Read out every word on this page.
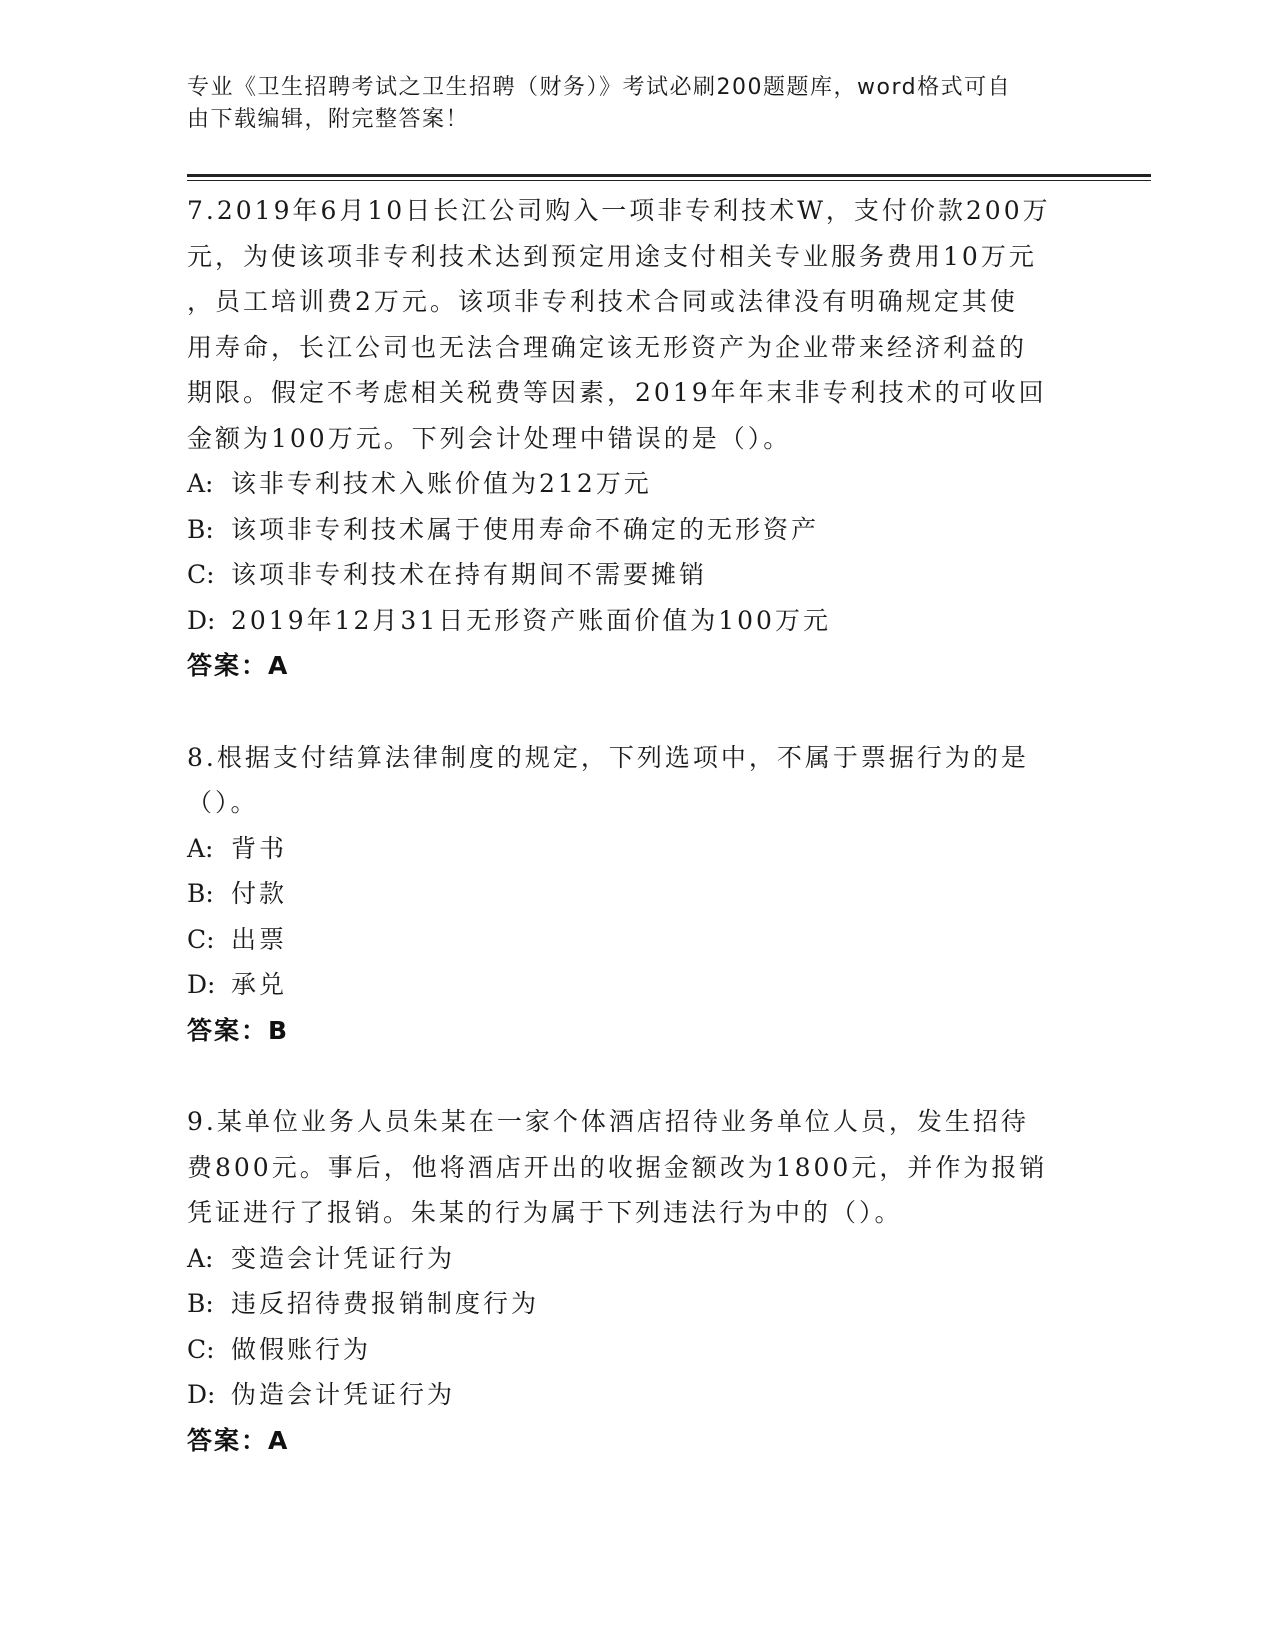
专业《卫生招聘考试之卫生招聘（财务）》考试必刷200题题库，word格式可自
由下载编辑，附完整答案！
7.2019年6月10日长江公司购入一项非专利技术W，支付价款200万
元，为使该项非专利技术达到预定用途支付相关专业服务费用10万元
，员工培训费2万元。该项非专利技术合同或法律没有明确规定其使
用寿命，长江公司也无法合理确定该无形资产为企业带来经济利益的
期限。假定不考虑相关税费等因素，2019年年末非专利技术的可收回
金额为100万元。下列会计处理中错误的是（）。
A: 该非专利技术入账价值为212万元
B: 该项非专利技术属于使用寿命不确定的无形资产
C: 该项非专利技术在持有期间不需要摊销
D: 2019年12月31日无形资产账面价值为100万元
答案：A
8.根据支付结算法律制度的规定，下列选项中，不属于票据行为的是
（）。
A: 背书
B: 付款
C: 出票
D: 承兑
答案：B
9.某单位业务人员朱某在一家个体酒店招待业务单位人员，发生招待
费800元。事后，他将酒店开出的收据金额改为1800元，并作为报销
凭证进行了报销。朱某的行为属于下列违法行为中的（）。
A: 变造会计凭证行为
B: 违反招待费报销制度行为
C: 做假账行为
D: 伪造会计凭证行为
答案：A
